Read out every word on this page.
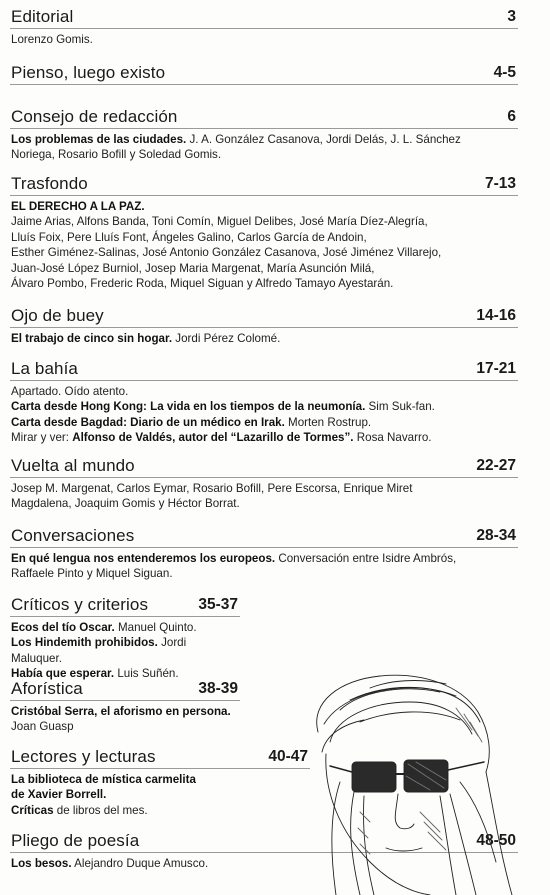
Editorial	3
Lorenzo Gomis.
Pienso, luego existo	4-5
Consejo de redacción	6
Los problemas de las ciudades. J. A. González Casanova, Jordi Delás, J. L. Sánchez
Noriega, Rosario Bofill y Soledad Gomis.
Trasfondo	7-13
EL DERECHO A LA PAZ.
Jaime Arias, Alfons Banda, Toni Comín, Miguel Delibes, José María Díez-Alegría,
Lluís Foix, Pere Lluís Font, Ángeles Galino, Carlos García de Andoin,
Esther Giménez-Salinas, José Antonio González Casanova, José Jiménez Villarejo,
Juan-José López Burniol, Josep Maria Margenat, María Asunción Milá,
Álvaro Pombo, Frederic Roda, Miquel Siguan y Alfredo Tamayo Ayestarán.
Ojo de buey	14-16
El trabajo de cinco sin hogar. Jordi Pérez Colomé.
La bahía	17-21
Apartado. Oído atento.
Carta desde Hong Kong: La vida en los tiempos de la neumonía. Sim Suk-fan.
Carta desde Bagdad: Diario de un médico en Irak. Morten Rostrup.
Mirar y ver: Alfonso de Valdés, autor del “Lazarillo de Tormes”. Rosa Navarro.
Vuelta al mundo	22-27
Josep M. Margenat, Carlos Eymar, Rosario Bofill, Pere Escorsa, Enrique Miret
Magdalena, Joaquim Gomis y Héctor Borrat.
Conversaciones	28-34
En qué lengua nos entenderemos los europeos. Conversación entre Isidre Ambrós,
Raffaele Pinto y Miquel Siguan.
Críticos y criterios	35-37
Ecos del tío Oscar. Manuel Quinto.
Los Hindemith prohibidos. Jordi Maluquer.
Había que esperar. Luis Suñén.
Aforística	38-39
Cristóbal Serra, el aforismo en persona.
Joan Guasp
Lectores y lecturas	40-47
La biblioteca de mística carmelita
de Xavier Borrell.
Críticas de libros del mes.
Pliego de poesía	48-50
Los besos. Alejandro Duque Amusco.
